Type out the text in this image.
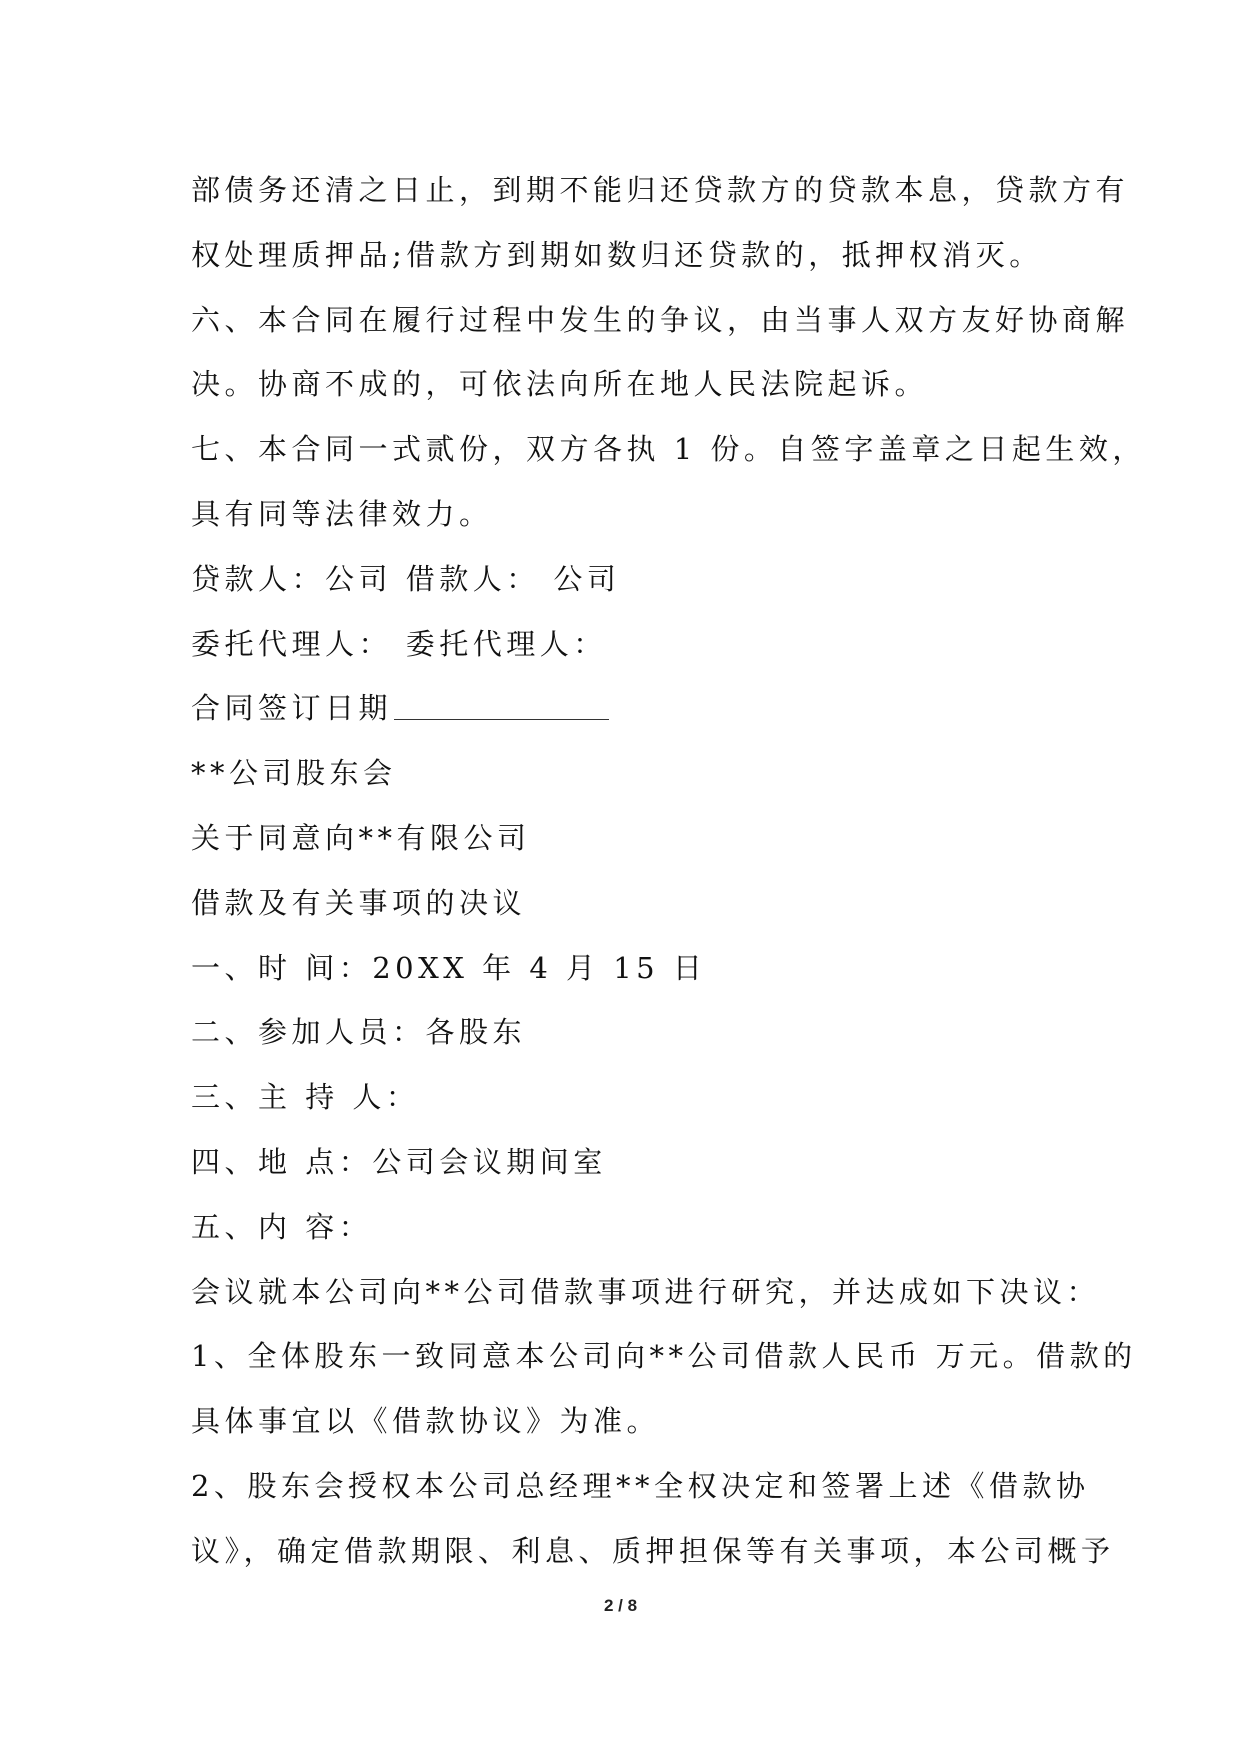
部债务还清之日止，到期不能归还贷款方的贷款本息，贷款方有
权处理质押品;借款方到期如数归还贷款的，抵押权消灭。
六、本合同在履行过程中发生的争议，由当事人双方友好协商解
决。协商不成的，可依法向所在地人民法院起诉。
七、本合同一式贰份，双方各执 1 份。自签字盖章之日起生效，
具有同等法律效力。
贷款人：公司 借款人： 公司
委托代理人： 委托代理人：
合同签订日期
**公司股东会
关于同意向**有限公司
借款及有关事项的决议
一、时 间：20XX 年 4 月 15 日
二、参加人员：各股东
三、主 持 人：
四、地 点：公司会议期间室
五、内 容：
会议就本公司向**公司借款事项进行研究，并达成如下决议：
1、全体股东一致同意本公司向**公司借款人民币 万元。借款的
具体事宜以《借款协议》为准。
2、股东会授权本公司总经理**全权决定和签署上述《借款协
议》，确定借款期限、利息、质押担保等有关事项，本公司概予
2 / 8
